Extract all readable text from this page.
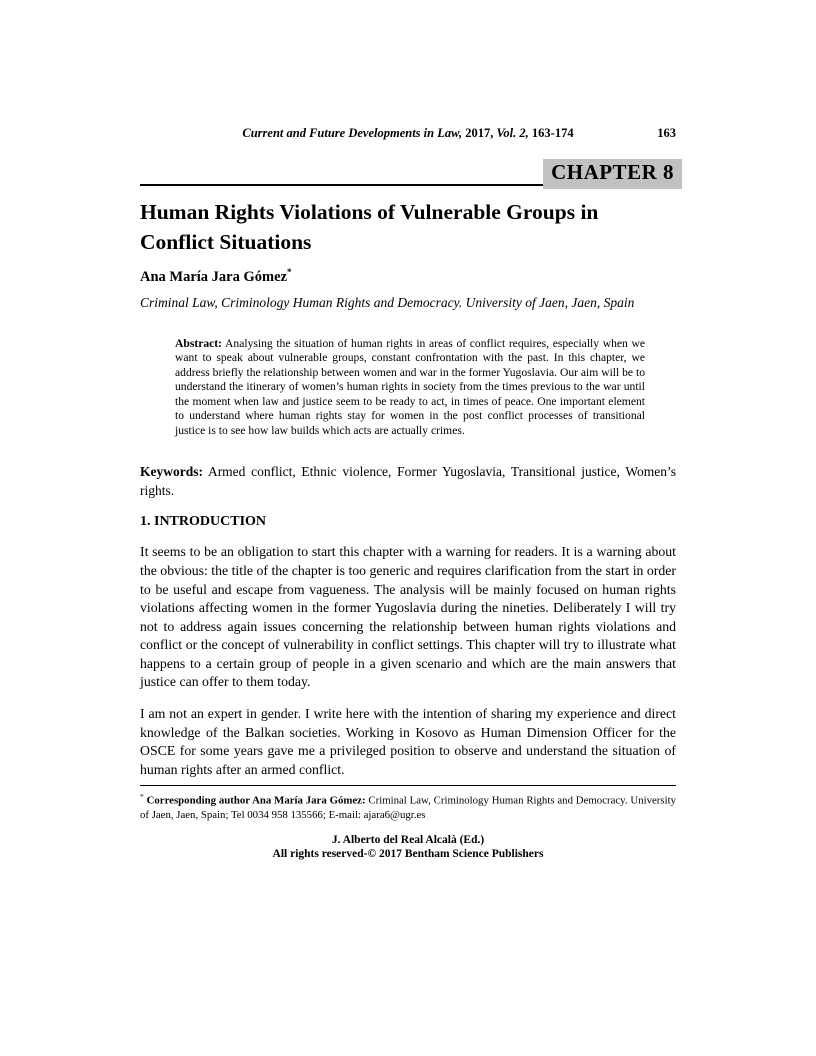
Current and Future Developments in Law, 2017, Vol. 2, 163-174	163
CHAPTER 8
Human Rights Violations of Vulnerable Groups in Conflict Situations
Ana María Jara Gómez*
Criminal Law, Criminology Human Rights and Democracy. University of Jaen, Jaen, Spain
Abstract: Analysing the situation of human rights in areas of conflict requires, especially when we want to speak about vulnerable groups, constant confrontation with the past. In this chapter, we address briefly the relationship between women and war in the former Yugoslavia. Our aim will be to understand the itinerary of women’s human rights in society from the times previous to the war until the moment when law and justice seem to be ready to act, in times of peace. One important element to understand where human rights stay for women in the post conflict processes of transitional justice is to see how law builds which acts are actually crimes.
Keywords: Armed conflict, Ethnic violence, Former Yugoslavia, Transitional justice, Women’s rights.
1. INTRODUCTION
It seems to be an obligation to start this chapter with a warning for readers. It is a warning about the obvious: the title of the chapter is too generic and requires clarification from the start in order to be useful and escape from vagueness. The analysis will be mainly focused on human rights violations affecting women in the former Yugoslavia during the nineties. Deliberately I will try not to address again issues concerning the relationship between human rights violations and conflict or the concept of vulnerability in conflict settings. This chapter will try to illustrate what happens to a certain group of people in a given scenario and which are the main answers that justice can offer to them today.
I am not an expert in gender. I write here with the intention of sharing my experience and direct knowledge of the Balkan societies. Working in Kosovo as Human Dimension Officer for the OSCE for some years gave me a privileged position to observe and understand the situation of human rights after an armed conflict.
* Corresponding author Ana María Jara Gómez: Criminal Law, Criminology Human Rights and Democracy. University of Jaen, Jaen, Spain; Tel 0034 958 135566; E-mail: ajara6@ugr.es
J. Alberto del Real Alcalà (Ed.)
All rights reserved-© 2017 Bentham Science Publishers
